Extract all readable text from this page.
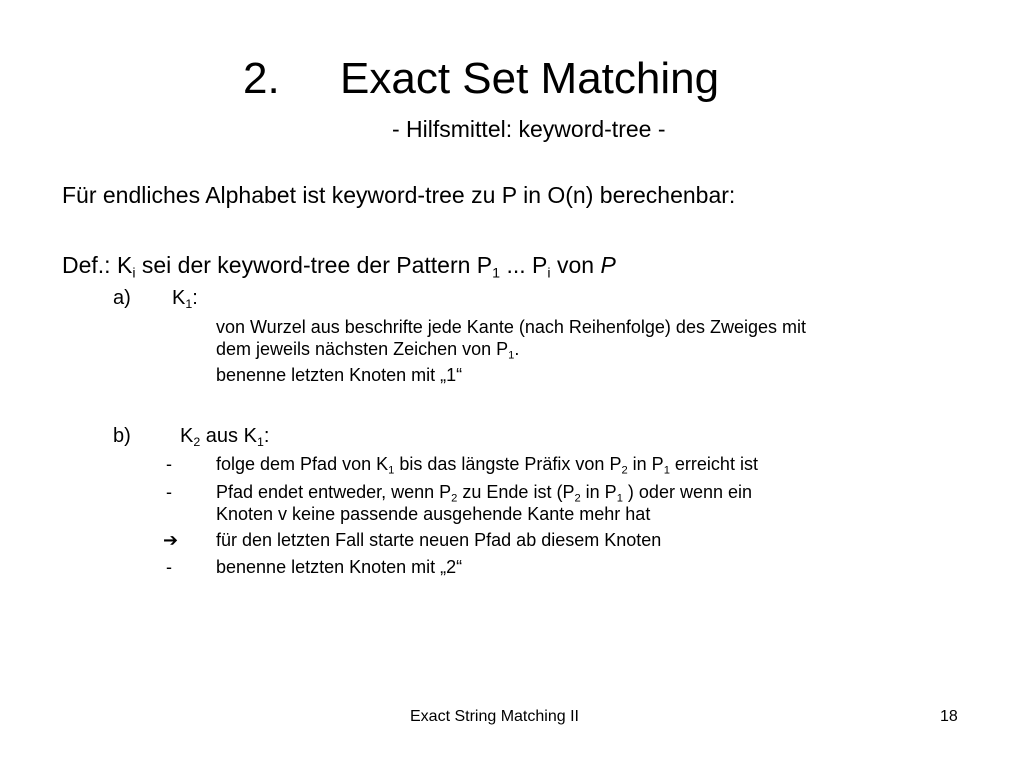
2. Exact Set Matching
- Hilfsmittel: keyword-tree -
Für endliches Alphabet ist keyword-tree zu P in O(n) berechenbar:
Def.: $K_i$ sei der keyword-tree der Pattern $P_1$ ... $P_i$ von P
a) $K_1$:
von Wurzel aus beschrifte jede Kante (nach Reihenfolge) des Zweiges mit
dem jeweils nächsten Zeichen von $P_1$.
benenne letzten Knoten mit „1“
b) $K_2$ aus $K_1$:
- folge dem Pfad von $K_1$ bis das längste Präfix von $P_2$ in $P_1$ erreicht ist
- Pfad endet entweder, wenn $P_2$ zu Ende ist ($P_2$ in $P_1$ ) oder wenn ein
Knoten v keine passende ausgehende Kante mehr hat
➔ für den letzten Fall starte neuen Pfad ab diesem Knoten
- benenne letzten Knoten mit „2“
Exact String Matching II	18
